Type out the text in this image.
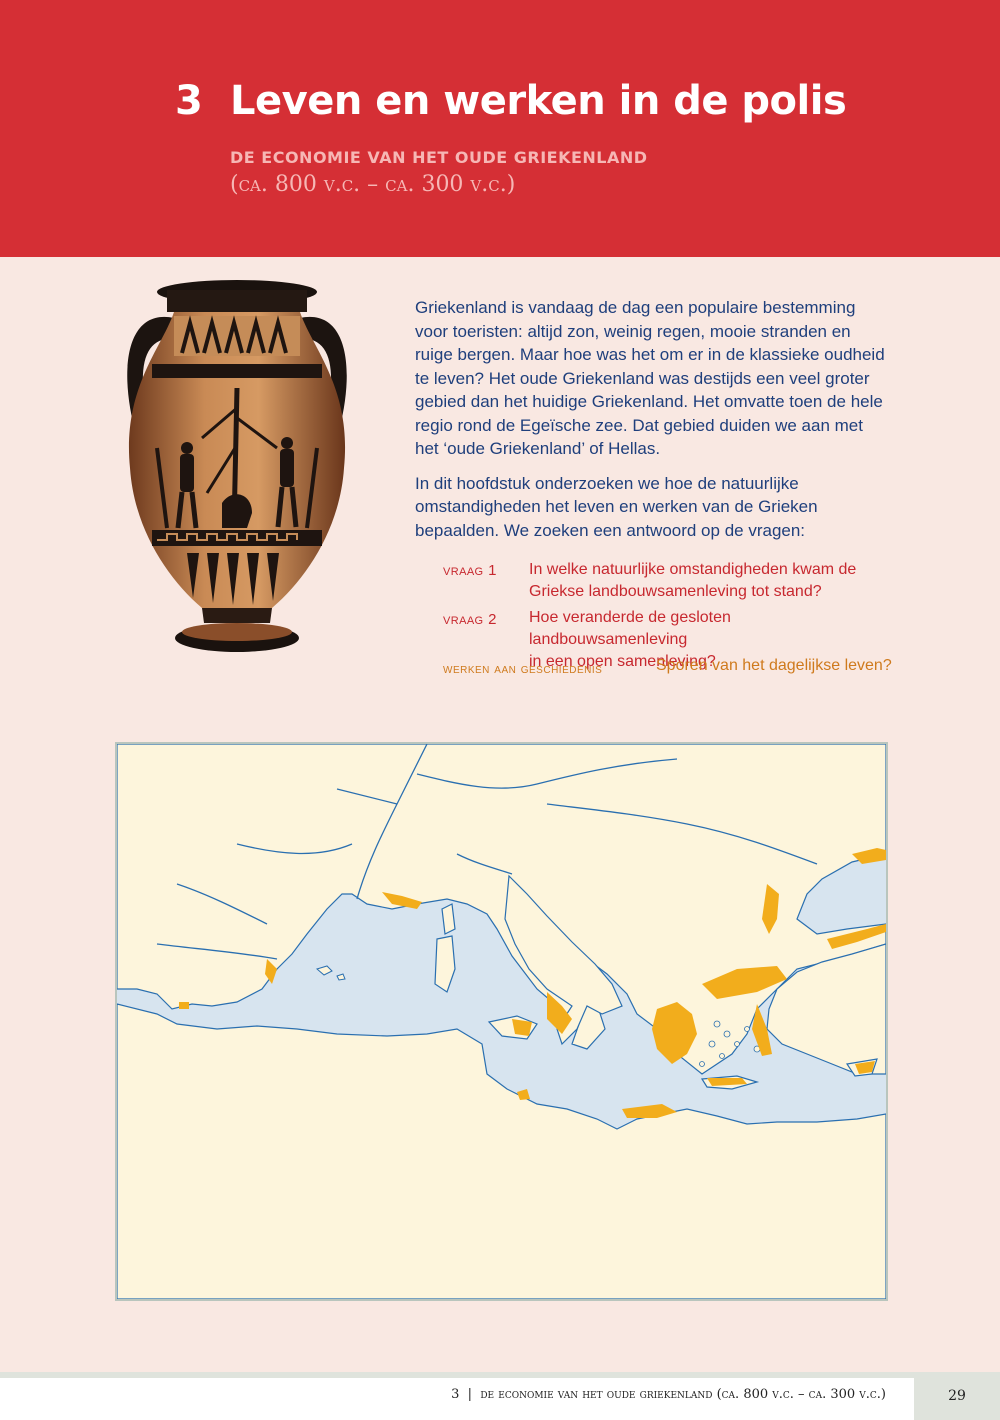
3 Leven en werken in de polis
DE ECONOMIE VAN HET OUDE GRIEKENLAND
(ca. 800 v.c. – ca. 300 v.c.)

Griekenland is vandaag de dag een populaire bestemming voor toeristen: altijd zon, weinig regen, mooie stranden en ruige bergen. Maar hoe was het om er in de klassieke oudheid te leven? Het oude Griekenland was destijds een veel groter gebied dan het huidige Griekenland. Het omvatte toen de hele regio rond de Egeïsche zee. Dat gebied duiden we aan met het ‘oude Griekenland’ of Hellas.

In dit hoofdstuk onderzoeken we hoe de natuurlijke omstandigheden het leven en werken van de Grieken bepaalden. We zoeken een antwoord op de vragen:

vraag 1 In welke natuurlijke omstandigheden kwam de
Griekse landbouwsamenleving tot stand?
vraag 2 Hoe veranderde de gesloten landbouwsamenleving
in een open samenleving?
werken aan geschiedenis	Sporen van het dagelijkse leven?
3  |  de economie van het oude griekenland (ca. 800 v.c. – ca. 300 v.c.)	29
